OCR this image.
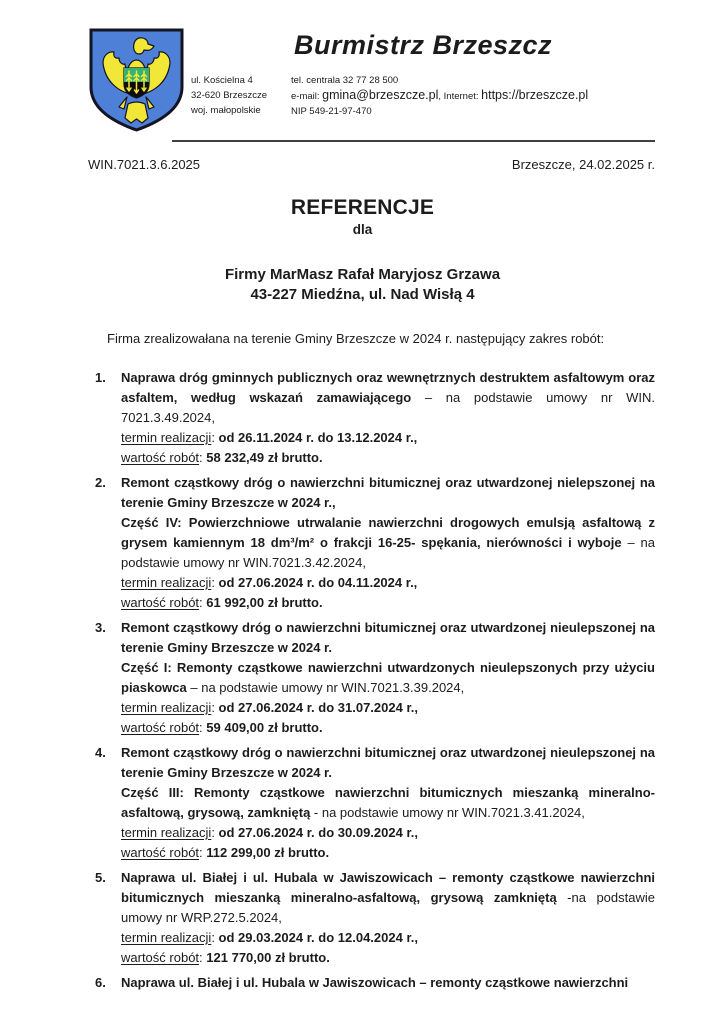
Burmistrz Brzeszcz
ul. Kościelna 4
32-620 Brzeszcze
woj. małopolskie
tel. centrala 32 77 28 500
e-mail: gmina@brzeszcze.pl, Internet: https://brzeszcze.pl
NIP 549-21-97-470
WIN.7021.3.6.2025	Brzeszcze, 24.02.2025 r.
REFERENCJE
dla
Firmy MarMasz Rafał Maryjosz Grzawa
43-227 Miedźna, ul. Nad Wisłą 4
Firma zrealizowałana na terenie Gminy Brzeszcze w 2024 r. następujący zakres robót:
1.	Naprawa dróg gminnych publicznych oraz wewnętrznych destruktem asfaltowym oraz asfaltem, według wskazań zamawiającego – na podstawie umowy nr WIN. 7021.3.49.2024,
termin realizacji: od 26.11.2024 r. do 13.12.2024 r.,
wartość robót: 58 232,49 zł brutto.
2.	Remont cząstkowy dróg o nawierzchni bitumicznej oraz utwardzonej nielepszonej na terenie Gminy Brzeszcze w 2024 r.,
Część IV: Powierzchniowe utrwalanie nawierzchni drogowych emulsją asfaltową z grysem kamiennym 18 dm³/m² o frakcji 16-25- spękania, nierówności i wyboje – na podstawie umowy nr WIN.7021.3.42.2024,
termin realizacji: od 27.06.2024 r. do 04.11.2024 r.,
wartość robót: 61 992,00 zł brutto.
3.	Remont cząstkowy dróg o nawierzchni bitumicznej oraz utwardzonej nieulepszonej na terenie Gminy Brzeszcze w 2024 r.
Część I: Remonty cząstkowe nawierzchni utwardzonych nieulepszonych przy użyciu piaskowca – na podstawie umowy nr WIN.7021.3.39.2024,
termin realizacji: od 27.06.2024 r. do 31.07.2024 r.,
wartość robót: 59 409,00 zł brutto.
4.	Remont cząstkowy dróg o nawierzchni bitumicznej oraz utwardzonej nieulepszonej na terenie Gminy Brzeszcze w 2024 r.
Część III: Remonty cząstkowe nawierzchni bitumicznych mieszanką mineralno-asfaltową, grysową, zamkniętą - na podstawie umowy nr WIN.7021.3.41.2024,
termin realizacji: od 27.06.2024 r. do 30.09.2024 r.,
wartość robót: 112 299,00 zł brutto.
5.	Naprawa ul. Białej i ul. Hubala w Jawiszowicach – remonty cząstkowe nawierzchni bitumicznych mieszanką mineralno-asfaltową, grysową zamkniętą -na podstawie umowy nr WRP.272.5.2024,
termin realizacji: od 29.03.2024 r. do 12.04.2024 r.,
wartość robót: 121 770,00 zł brutto.
6.	Naprawa ul. Białej i ul. Hubala w Jawiszowicach – remonty cząstkowe nawierzchni
